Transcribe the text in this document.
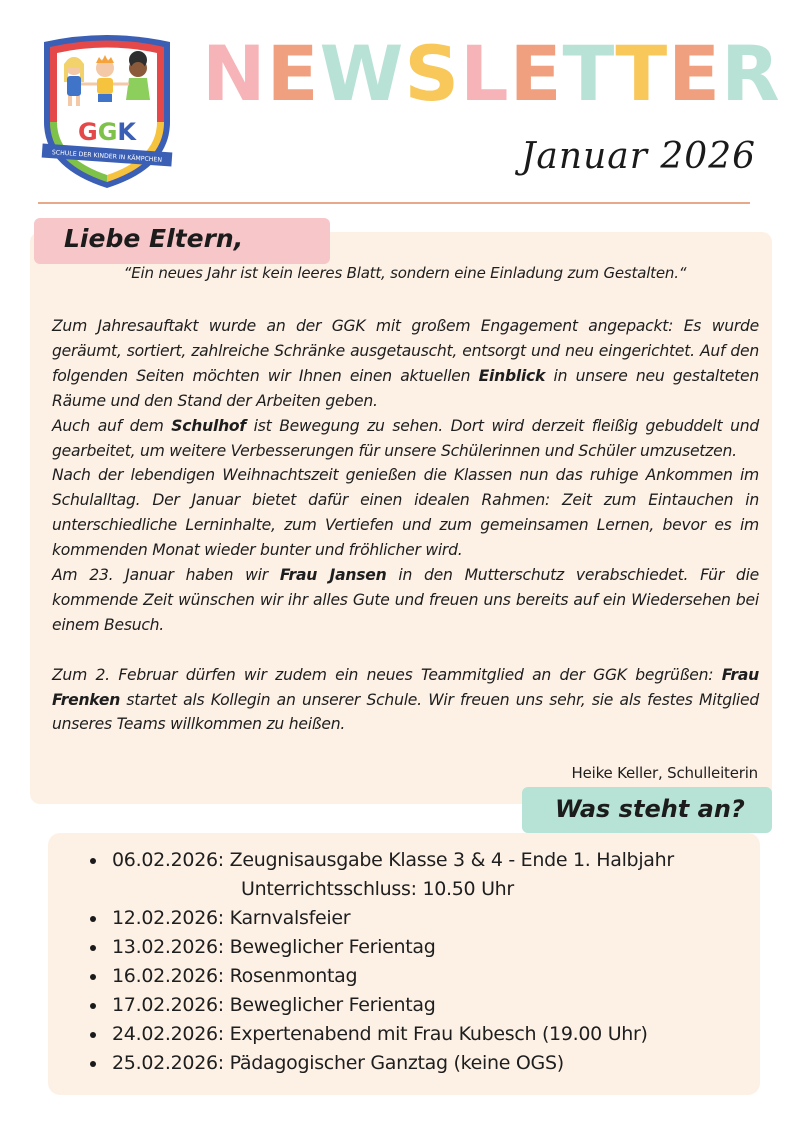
GGK
SCHULE DER KINDER IN KÄMPCHEN
N E W S L E T T E R
Januar 2026
Liebe Eltern,
“Ein neues Jahr ist kein leeres Blatt, sondern eine Einladung zum Gestalten.“

Zum Jahresauftakt wurde an der GGK mit großem Engagement angepackt: Es wurde geräumt, sortiert, zahlreiche Schränke ausgetauscht, entsorgt und neu eingerichtet. Auf den folgenden Seiten möchten wir Ihnen einen aktuellen Einblick in unsere neu gestalteten Räume und den Stand der Arbeiten geben.

Auch auf dem Schulhof ist Bewegung zu sehen. Dort wird derzeit fleißig gebuddelt und gearbeitet, um weitere Verbesserungen für unsere Schülerinnen und Schüler umzusetzen.

Nach der lebendigen Weihnachtszeit genießen die Klassen nun das ruhige Ankommen im Schulalltag. Der Januar bietet dafür einen idealen Rahmen: Zeit zum Eintauchen in unterschiedliche Lerninhalte, zum Vertiefen und zum gemeinsamen Lernen, bevor es im kommenden Monat wieder bunter und fröhlicher wird.

Am 23. Januar haben wir Frau Jansen in den Mutterschutz verabschiedet. Für die kommende Zeit wünschen wir ihr alles Gute und freuen uns bereits auf ein Wiedersehen bei einem Besuch.

Zum 2. Februar dürfen wir zudem ein neues Teammitglied an der GGK begrüßen: Frau Frenken startet als Kollegin an unserer Schule. Wir freuen uns sehr, sie als festes Mitglied unseres Teams willkommen zu heißen.

Heike Keller, Schulleiterin
Was steht an?
06.02.2026: Zeugnisausgabe Klasse 3 & 4 - Ende 1. Halbjahr
Unterrichtsschluss: 10.50 Uhr
12.02.2026: Karnvalsfeier
13.02.2026: Beweglicher Ferientag
16.02.2026: Rosenmontag
17.02.2026: Beweglicher Ferientag
24.02.2026: Expertenabend mit Frau Kubesch (19.00 Uhr)
25.02.2026: Pädagogischer Ganztag (keine OGS)
